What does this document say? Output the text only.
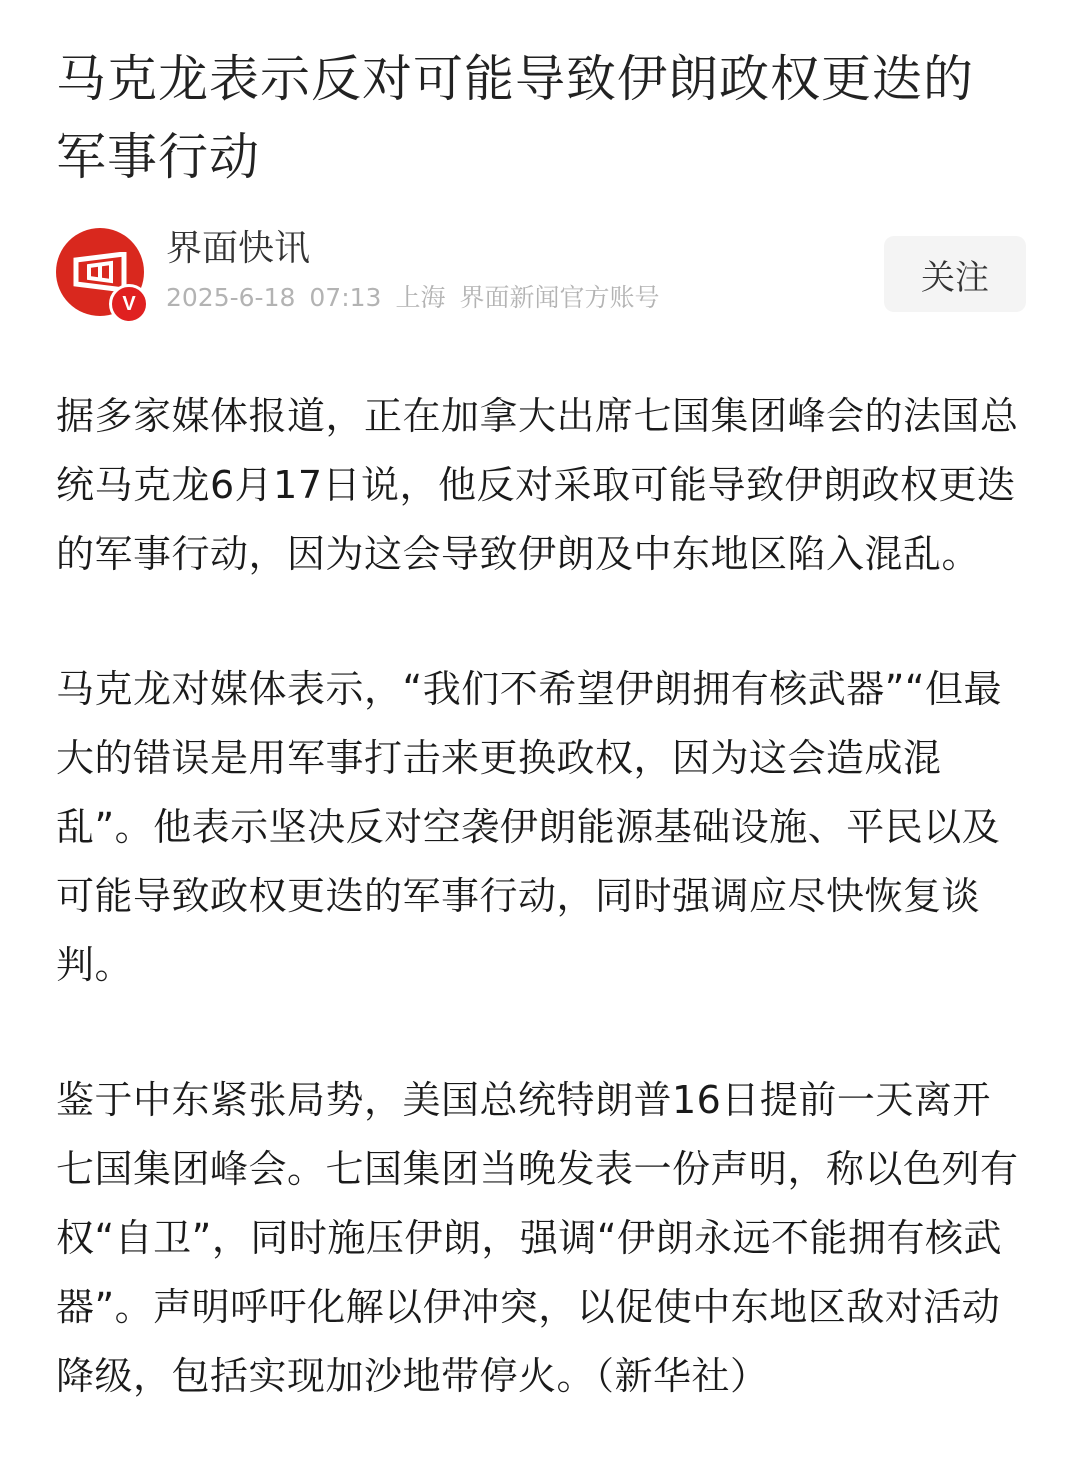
马克龙表示反对可能导致伊朗政权更迭的军事行动
V
界面快讯
2025-6-18 07:13 上海 界面新闻官方账号	关注

据多家媒体报道，正在加拿大出席七国集团峰会的法国总统马克龙6月17日说，他反对采取可能导致伊朗政权更迭的军事行动，因为这会导致伊朗及中东地区陷入混乱。

马克龙对媒体表示，“我们不希望伊朗拥有核武器”“但最大的错误是用军事打击来更换政权，因为这会造成混乱”。他表示坚决反对空袭伊朗能源基础设施、平民以及可能导致政权更迭的军事行动，同时强调应尽快恢复谈判。

鉴于中东紧张局势，美国总统特朗普16日提前一天离开七国集团峰会。七国集团当晚发表一份声明，称以色列有权“自卫”，同时施压伊朗，强调“伊朗永远不能拥有核武器”。声明呼吁化解以伊冲突，以促使中东地区敌对活动降级，包括实现加沙地带停火。（新华社）
